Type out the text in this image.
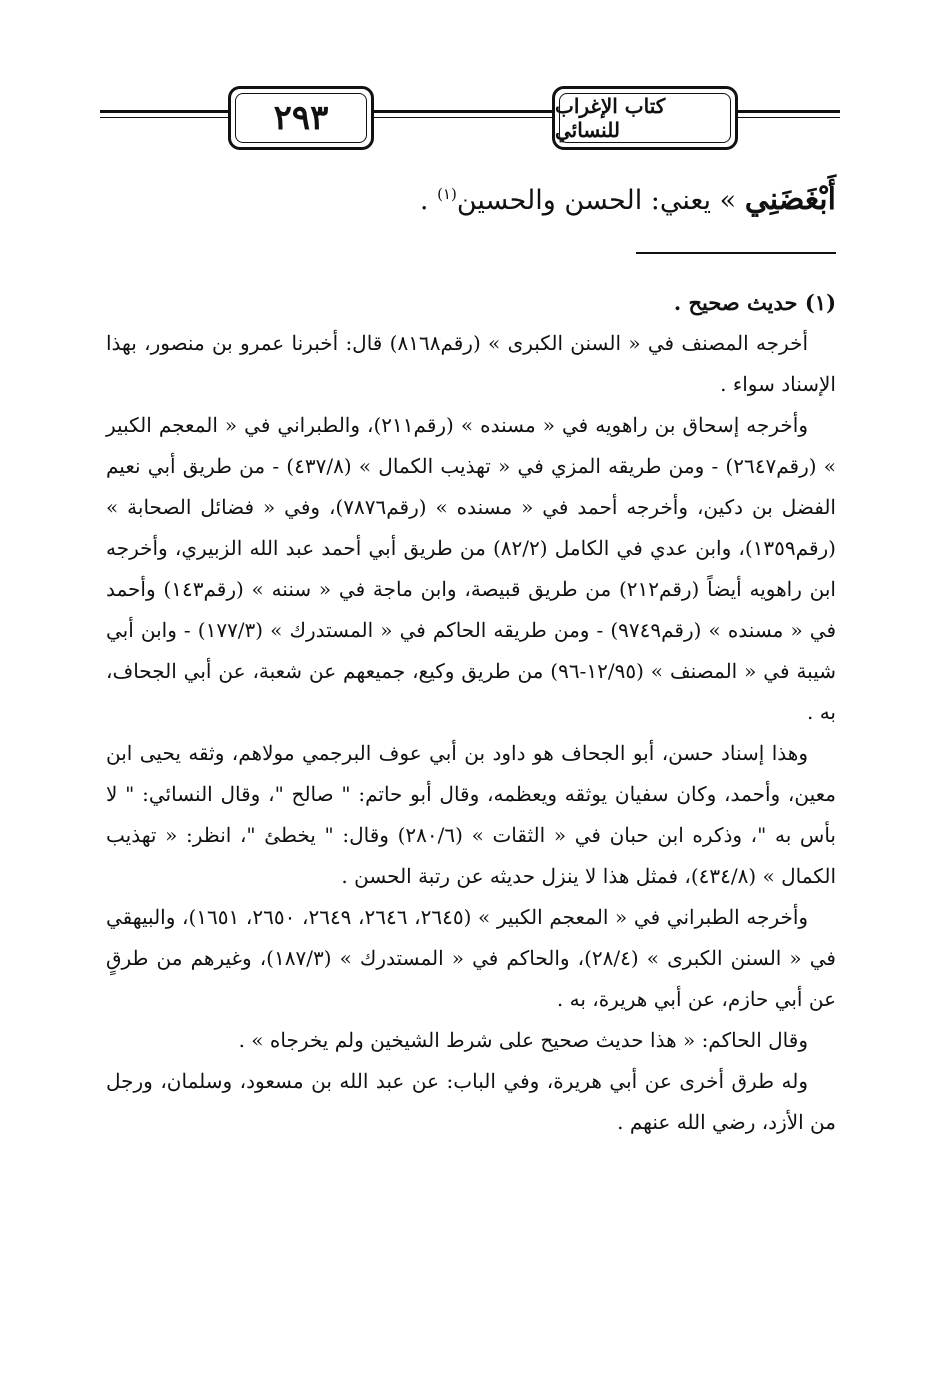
٢٩٣	كتاب الإغراب للنسائي
أَبْغَضَنِي » يعني: الحسن والحسين$^{(١)}$ .

(١) حديث صحيح .

أخرجه المصنف في « السنن الكبرى » (رقم٨١٦٨) قال: أخبرنا عمرو بن منصور، بهذا الإسناد سواء .

وأخرجه إسحاق بن راهويه في « مسنده » (رقم٢١١)، والطبراني في « المعجم الكبير » (رقم٢٦٤٧) - ومن طريقه المزي في « تهذيب الكمال » (٤٣٧/٨) - من طريق أبي نعيم الفضل بن دكين، وأخرجه أحمد في « مسنده » (رقم٧٨٧٦)، وفي « فضائل الصحابة » (رقم١٣٥٩)، وابن عدي في الكامل (٨٢/٢) من طريق أبي أحمد عبد الله الزبيري، وأخرجه ابن راهويه أيضاً (رقم٢١٢) من طريق قبيصة، وابن ماجة في « سننه » (رقم١٤٣) وأحمد في « مسنده » (رقم٩٧٤٩) - ومن طريقه الحاكم في « المستدرك » (١٧٧/٣) - وابن أبي شيبة في « المصنف » (١٢/٩٥-٩٦) من طريق وكيع، جميعهم عن شعبة، عن أبي الجحاف، به .

وهذا إسناد حسن، أبو الجحاف هو داود بن أبي عوف البرجمي مولاهم، وثقه يحيى ابن معين، وأحمد، وكان سفيان يوثقه ويعظمه، وقال أبو حاتم: " صالح "، وقال النسائي: " لا بأس به "، وذكره ابن حبان في « الثقات » (٢٨٠/٦) وقال: " يخطئ "، انظر: « تهذيب الكمال » (٤٣٤/٨)، فمثل هذا لا ينزل حديثه عن رتبة الحسن .

وأخرجه الطبراني في « المعجم الكبير » (٢٦٤٥، ٢٦٤٦، ٢٦٤٩، ٢٦٥٠، ١٦٥١)، والبيهقي في « السنن الكبرى » (٢٨/٤)، والحاكم في « المستدرك » (١٨٧/٣)، وغيرهم من طرقٍ عن أبي حازم، عن أبي هريرة، به .

وقال الحاكم: « هذا حديث صحيح على شرط الشيخين ولم يخرجاه » .

وله طرق أخرى عن أبي هريرة، وفي الباب: عن عبد الله بن مسعود، وسلمان، ورجل من الأزد، رضي الله عنهم .
